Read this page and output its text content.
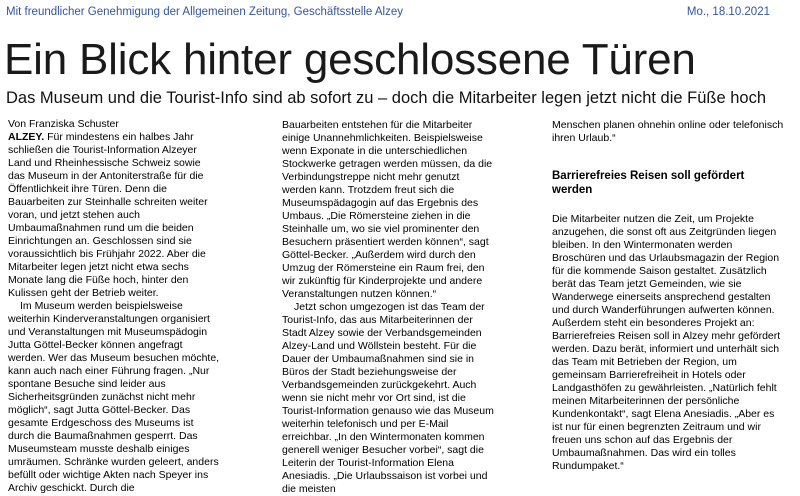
Mit freundlicher Genehmigung der Allgemeinen Zeitung, Geschäftsstelle Alzey	Mo., 18.10.2021
Ein Blick hinter geschlossene Türen
Das Museum und die Tourist-Info sind ab sofort zu – doch die Mitarbeiter legen jetzt nicht die Füße hoch
Von Franziska Schuster

ALZEY. Für mindestens ein halbes Jahr schließen die Tourist-Information Alzeyer Land und Rheinhessische Schweiz sowie das Museum in der Antoniterstraße für die Öffentlichkeit ihre Türen. Denn die Bauarbeiten zur Steinhalle schreiten weiter voran, und jetzt stehen auch Umbaumaßnahmen rund um die beiden Einrichtungen an. Geschlossen sind sie voraussichtlich bis Frühjahr 2022. Aber die Mitarbeiter legen jetzt nicht etwa sechs Monate lang die Füße hoch, hinter den Kulissen geht der Betrieb weiter.

Im Museum werden beispielsweise weiterhin Kinderveranstaltungen organisiert und Veranstaltungen mit Museumspädogin Jutta Göttel-Becker können angefragt werden. Wer das Museum besuchen möchte, kann auch nach einer Führung fragen. „Nur spontane Besuche sind leider aus Sicherheitsgründen zunächst nicht mehr möglich“, sagt Jutta Göttel-Becker. Das gesamte Erdgeschoss des Museums ist durch die Baumaßnahmen gesperrt. Das Museumsteam musste deshalb einiges umräumen. Schränke wurden geleert, anders befüllt oder wichtige Akten nach Speyer ins Archiv geschickt. Durch die

Bauarbeiten entstehen für die Mitarbeiter einige Unannehmlichkeiten. Beispielsweise wenn Exponate in die unterschiedlichen Stockwerke getragen werden müssen, da die Verbindungstreppe nicht mehr genutzt werden kann. Trotzdem freut sich die Museumspädagogin auf das Ergebnis des Umbaus. „Die Römersteine ziehen in die Steinhalle um, wo sie viel prominenter den Besuchern präsentiert werden können“, sagt Göttel-Becker. „Außerdem wird durch den Umzug der Römersteine ein Raum frei, den wir zukünftig für Kinderprojekte und andere Veranstaltungen nutzen können.“

Jetzt schon umgezogen ist das Team der Tourist-Info, das aus Mitarbeiterinnen der Stadt Alzey sowie der Verbandsgemeinden Alzey-Land und Wöllstein besteht. Für die Dauer der Umbaumaßnahmen sind sie in Büros der Stadt beziehungsweise der Verbandsgemeinden zurückgekehrt. Auch wenn sie nicht mehr vor Ort sind, ist die Tourist-Information genauso wie das Museum weiterhin telefonisch und per E-Mail erreichbar. „In den Wintermonaten kommen generell weniger Besucher vorbei“, sagt die Leiterin der Tourist-Information Elena Anesiadis. „Die Urlaubssaison ist vorbei und die meisten

Menschen planen ohnehin online oder telefonisch ihren Urlaub.“

Barrierefreies Reisen soll gefördert werden

Die Mitarbeiter nutzen die Zeit, um Projekte anzugehen, die sonst oft aus Zeitgründen liegen bleiben. In den Wintermonaten werden Broschüren und das Urlaubsmagazin der Region für die kommende Saison gestaltet. Zusätzlich berät das Team jetzt Gemeinden, wie sie Wanderwege einerseits ansprechend gestalten und durch Wanderführungen aufwerten können. Außerdem steht ein besonderes Projekt an: Barrierefreies Reisen soll in Alzey mehr gefördert werden. Dazu berät, informiert und unterhält sich das Team mit Betrieben der Region, um gemeinsam Barrierefreiheit in Hotels oder Landgasthöfen zu gewährleisten. „Natürlich fehlt meinen Mitarbeiterinnen der persönliche Kundenkontakt“, sagt Elena Anesiadis. „Aber es ist nur für einen begrenzten Zeitraum und wir freuen uns schon auf das Ergebnis der Umbaumaßnahmen. Das wird ein tolles Rundumpaket.“
